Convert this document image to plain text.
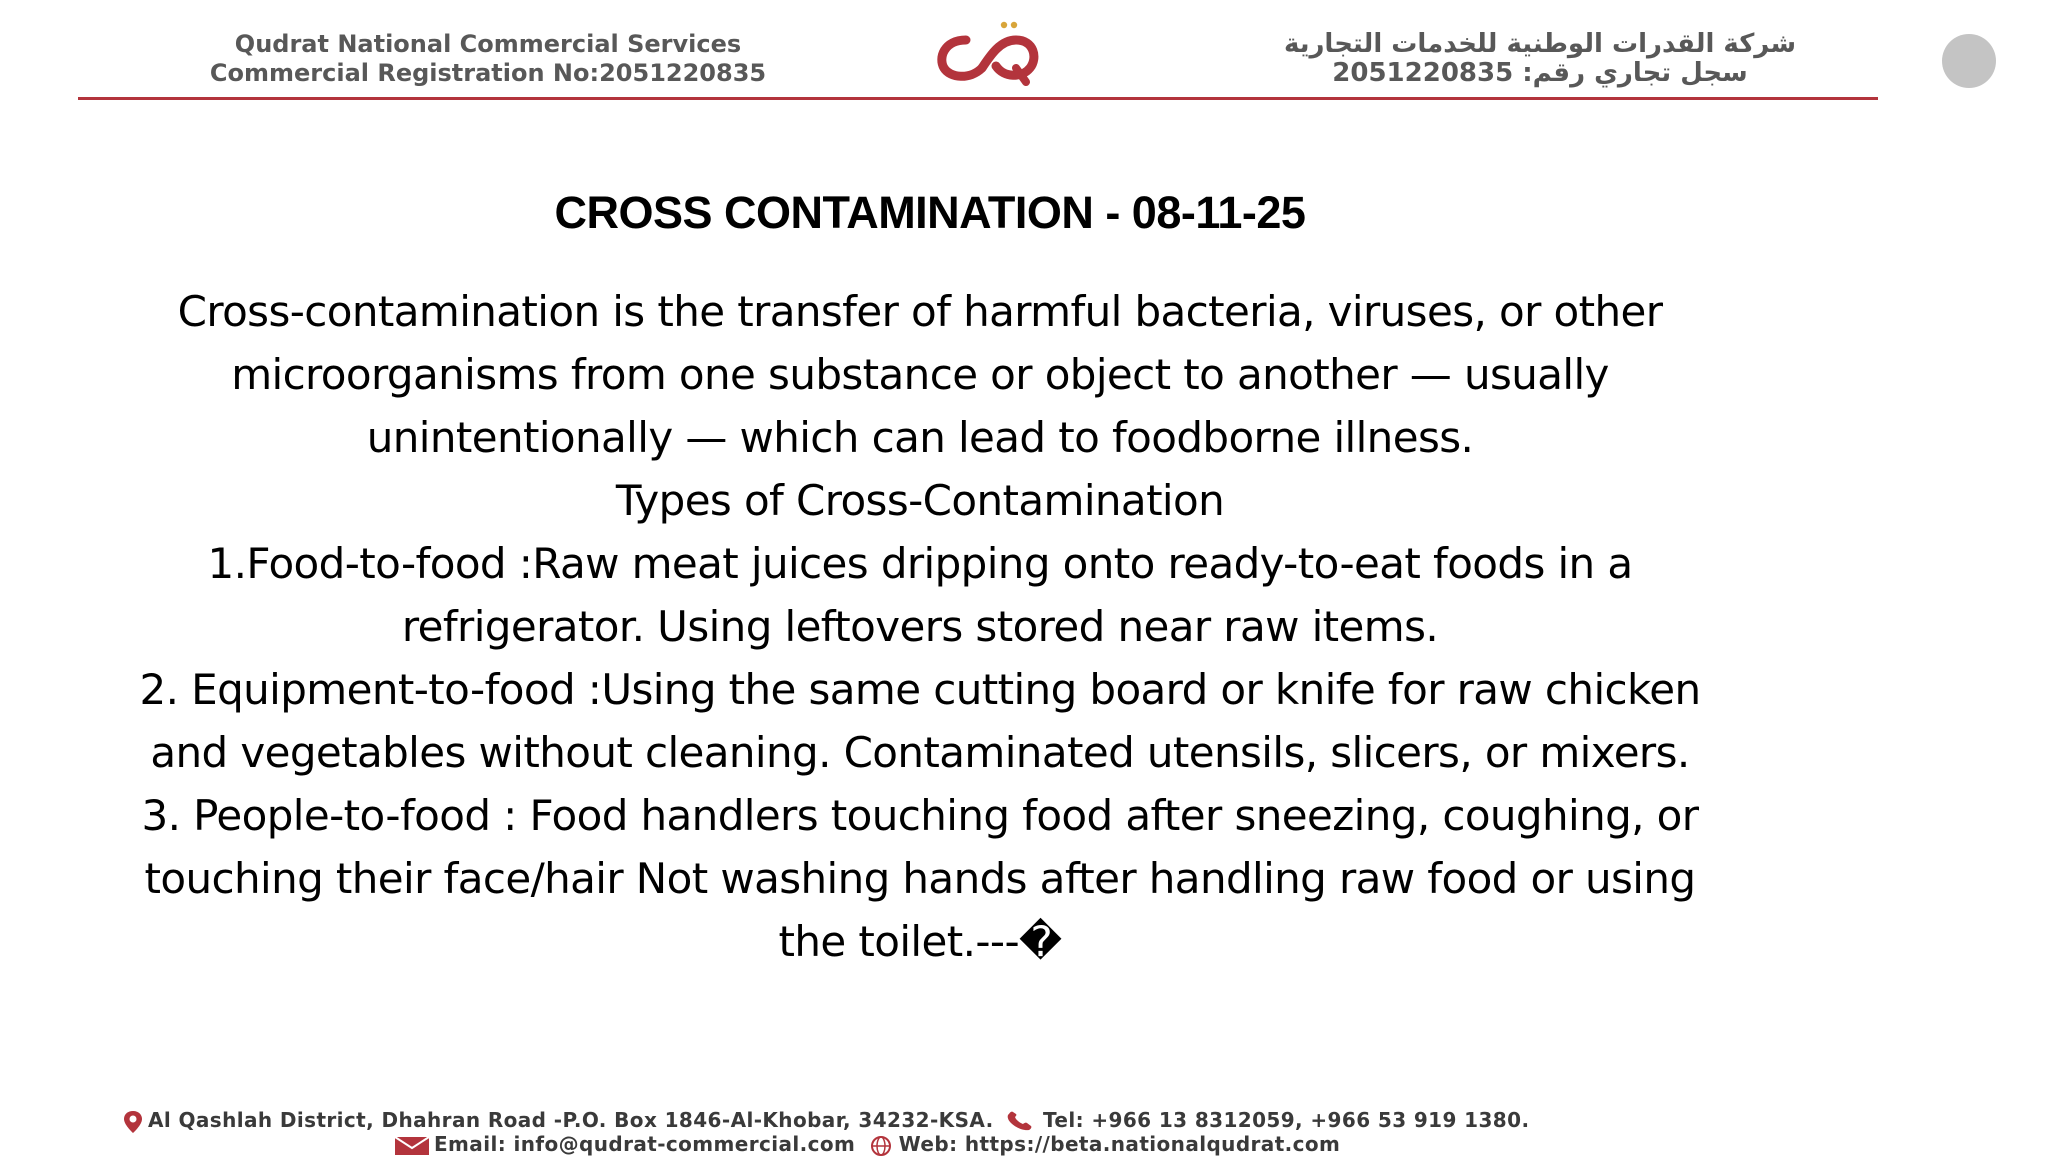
Qudrat National Commercial Services
Commercial Registration No:2051220835
شركة القدرات الوطنية للخدمات التجارية
سجل تجاري رقم: 2051220835
CROSS CONTAMINATION - 08-11-25

Cross-contamination is the transfer of harmful bacteria, viruses, or other microorganisms from one substance or object to another — usually unintentionally — which can lead to foodborne illness.

Types of Cross-Contamination

1.Food-to-food :Raw meat juices dripping onto ready-to-eat foods in a refrigerator. Using leftovers stored near raw items.

2. Equipment-to-food :Using the same cutting board or knife for raw chicken and vegetables without cleaning. Contaminated utensils, slicers, or mixers.

3. People-to-food : Food handlers touching food after sneezing, coughing, or touching their face/hair Not washing hands after handling raw food or using the toilet.---�

Al Qashlah District, Dhahran Road -P.O. Box 1846-Al-Khobar, 34232-KSA. Tel: +966 13 8312059, +966 53 919 1380.
Email: info@qudrat-commercial.com Web: https://beta.nationalqudrat.com
